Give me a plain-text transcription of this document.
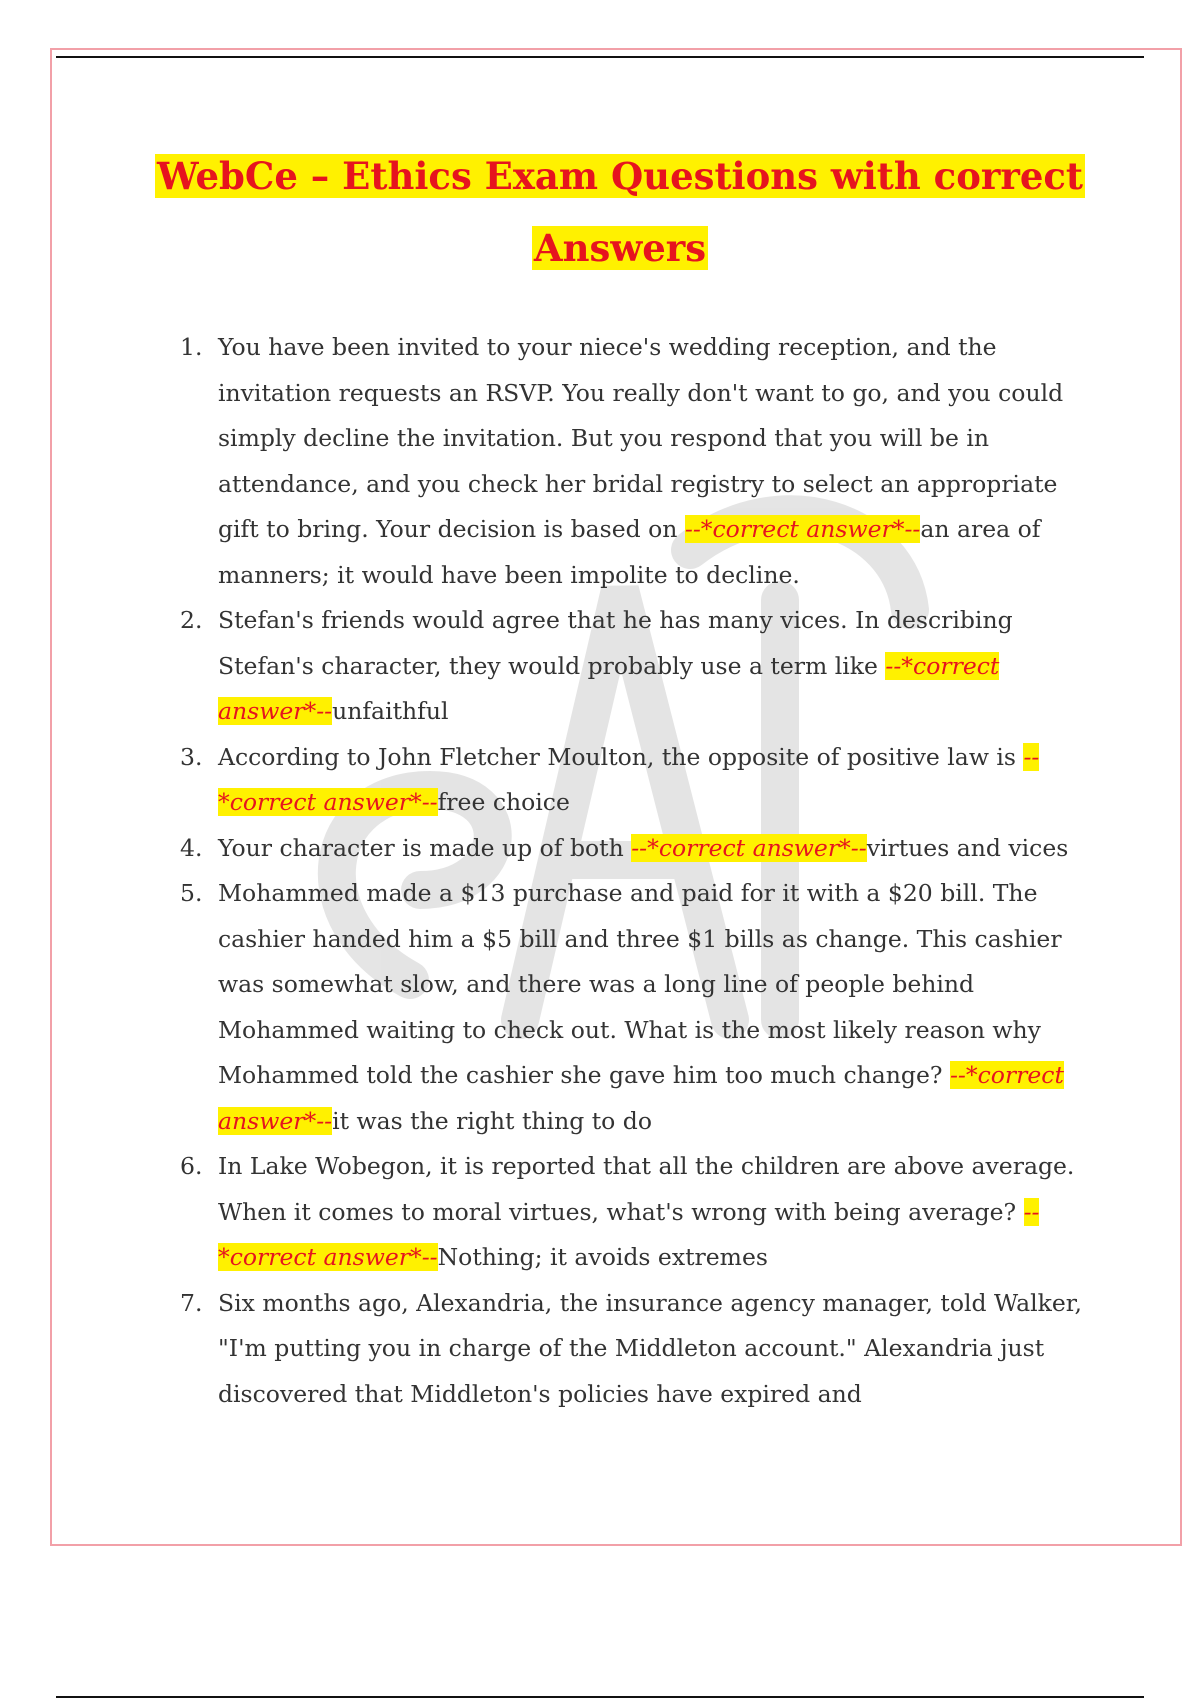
WebCe – Ethics Exam Questions with correct
Answers
1. You have been invited to your niece's wedding reception, and the invitation requests an RSVP. You really don't want to go, and you could simply decline the invitation. But you respond that you will be in attendance, and you check her bridal registry to select an appropriate gift to bring. Your decision is based on --*correct answer*--an area of manners; it would have been impolite to decline.
2. Stefan's friends would agree that he has many vices. In describing Stefan's character, they would probably use a term like --*correct answer*--unfaithful
3. According to John Fletcher Moulton, the opposite of positive law is --*correct answer*--free choice
4. Your character is made up of both --*correct answer*--virtues and vices
5. Mohammed made a $13 purchase and paid for it with a $20 bill. The cashier handed him a $5 bill and three $1 bills as change. This cashier was somewhat slow, and there was a long line of people behind Mohammed waiting to check out. What is the most likely reason why Mohammed told the cashier she gave him too much change? --*correct answer*--it was the right thing to do
6. In Lake Wobegon, it is reported that all the children are above average. When it comes to moral virtues, what's wrong with being average? --*correct answer*--Nothing; it avoids extremes
7. Six months ago, Alexandria, the insurance agency manager, told Walker, "I'm putting you in charge of the Middleton account." Alexandria just discovered that Middleton's policies have expired and
